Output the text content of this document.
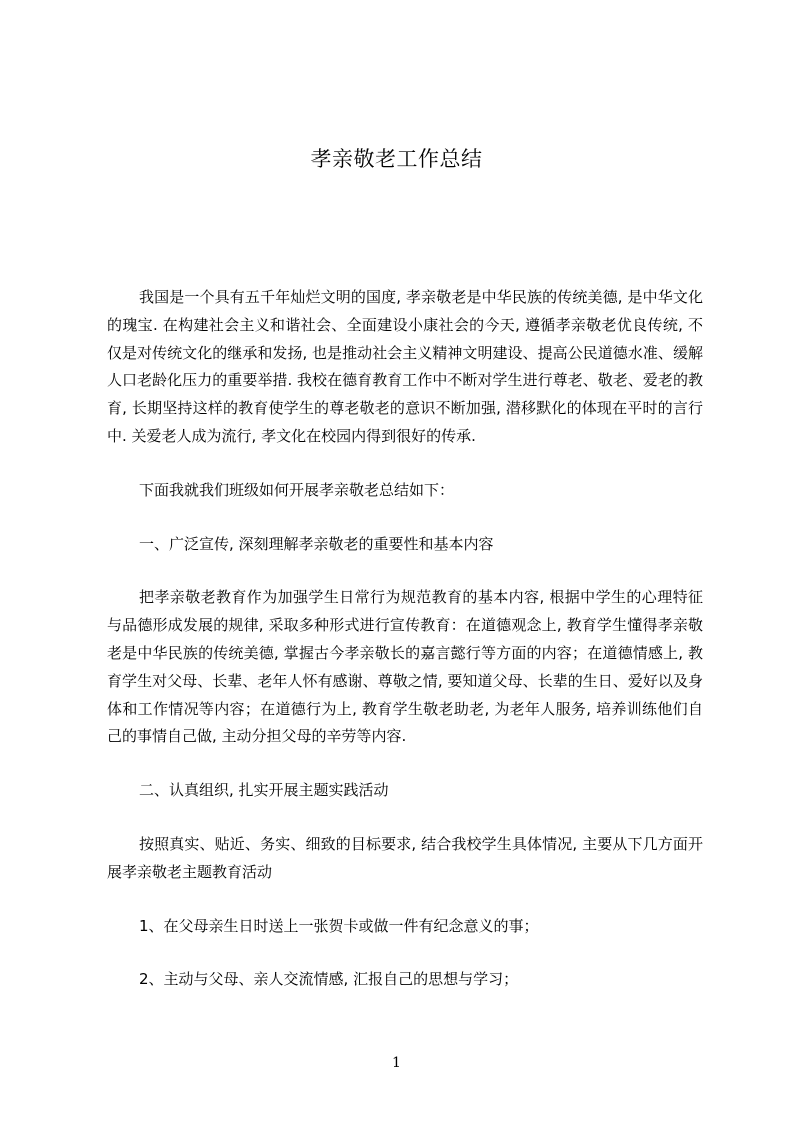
孝亲敬老工作总结

我国是一个具有五千年灿烂文明的国度, 孝亲敬老是中华民族的传统美德, 是中华文化的瑰宝. 在构建社会主义和谐社会、全面建设小康社会的今天, 遵循孝亲敬老优良传统, 不仅是对传统文化的继承和发扬, 也是推动社会主义精神文明建设、提高公民道德水准、缓解人口老龄化压力的重要举措. 我校在德育教育工作中不断对学生进行尊老、敬老、爱老的教育, 长期坚持这样的教育使学生的尊老敬老的意识不断加强, 潜移默化的体现在平时的言行中. 关爱老人成为流行, 孝文化在校园内得到很好的传承.

下面我就我们班级如何开展孝亲敬老总结如下：

一、广泛宣传, 深刻理解孝亲敬老的重要性和基本内容

把孝亲敬老教育作为加强学生日常行为规范教育的基本内容, 根据中学生的心理特征与品德形成发展的规律, 采取多种形式进行宣传教育：在道德观念上, 教育学生懂得孝亲敬老是中华民族的传统美德, 掌握古今孝亲敬长的嘉言懿行等方面的内容；在道德情感上, 教育学生对父母、长辈、老年人怀有感谢、尊敬之情, 要知道父母、长辈的生日、爱好以及身体和工作情况等内容；在道德行为上, 教育学生敬老助老, 为老年人服务, 培养训练他们自己的事情自己做, 主动分担父母的辛劳等内容.

二、认真组织, 扎实开展主题实践活动

按照真实、贴近、务实、细致的目标要求, 结合我校学生具体情况, 主要从下几方面开展孝亲敬老主题教育活动

1、在父母亲生日时送上一张贺卡或做一件有纪念意义的事；

2、主动与父母、亲人交流情感, 汇报自己的思想与学习；

1
